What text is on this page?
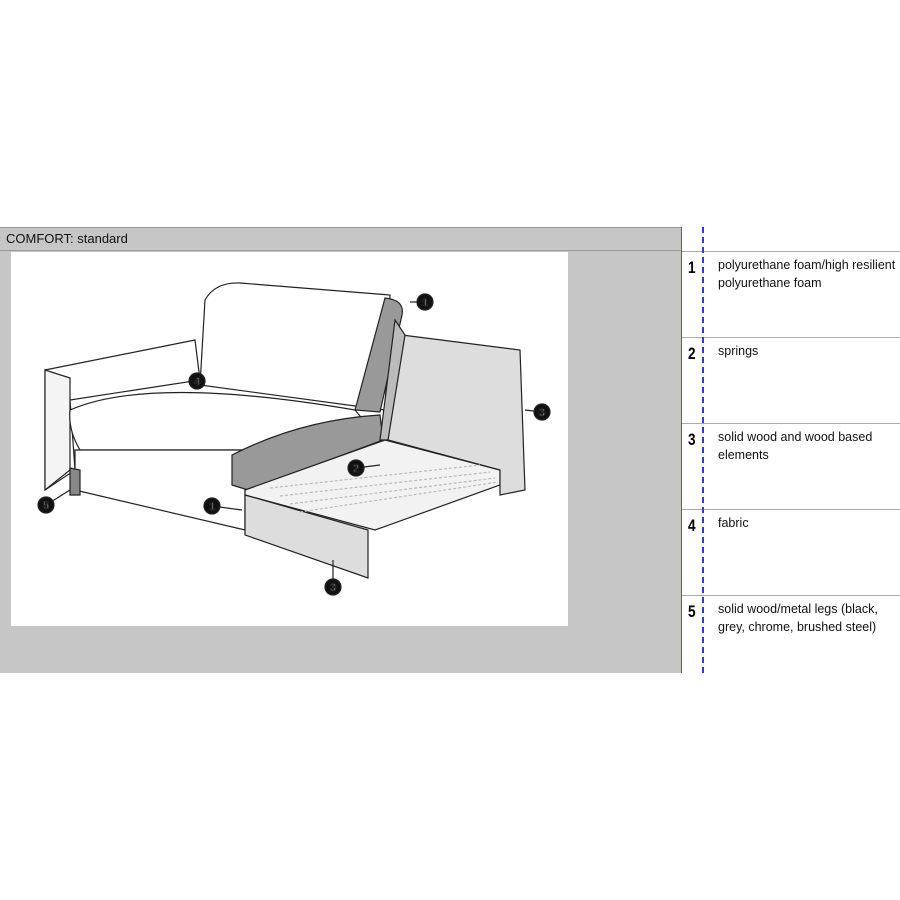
COMFORT: standard
1
4
3
2
1
5
3
1 polyurethane foam/high resilient polyurethane foam
2 springs
3 solid wood and wood based elements
4 fabric
5 solid wood/metal legs (black, grey, chrome, brushed steel)
